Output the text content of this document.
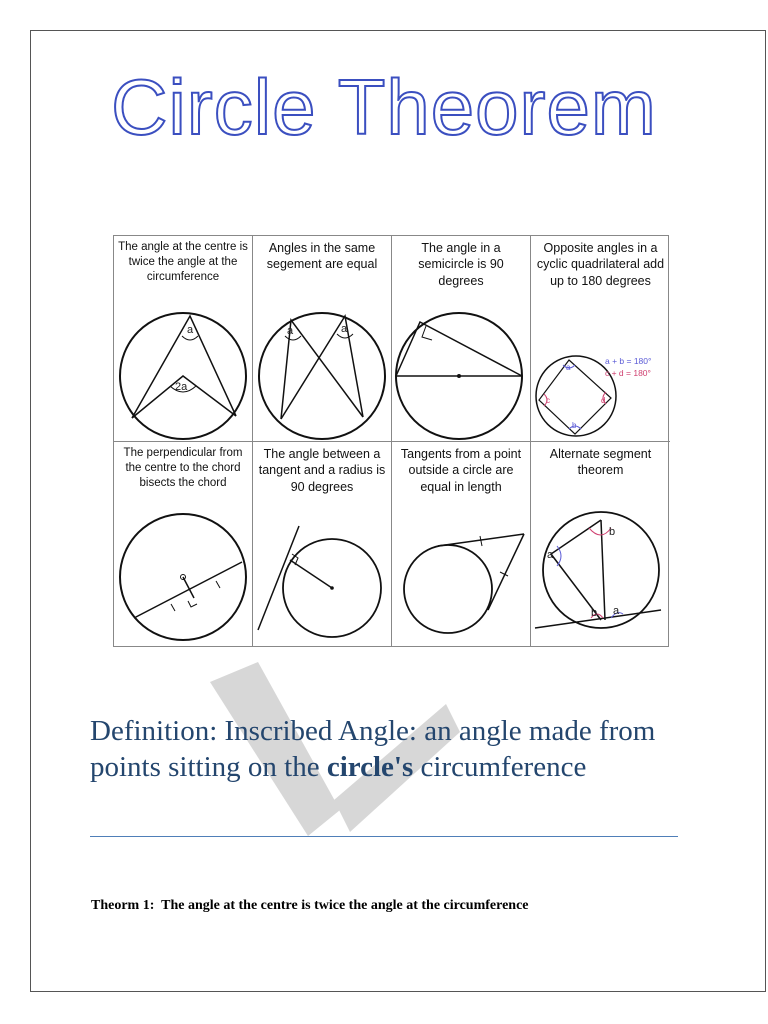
Circle Theorem
The angle at the centre is twice the angle at the circumference
a
2a
Angles in the same segement are equal
a	a
The angle in a semicircle is 90 degrees
Opposite angles in a cyclic quadrilateral add up to 180 degrees
a
b
c	d
a + b = 180°
c + d = 180°
The perpendicular from the centre to the chord bisects the chord
The angle between a tangent and a radius is 90 degrees
Tangents from a point outside a circle are equal in length
Alternate segment theorem
b
a
b a
Definition: Inscribed Angle: an angle made from points sitting on the circle's circumference
Theorm 1:  The angle at the centre is twice the angle at the circumference
